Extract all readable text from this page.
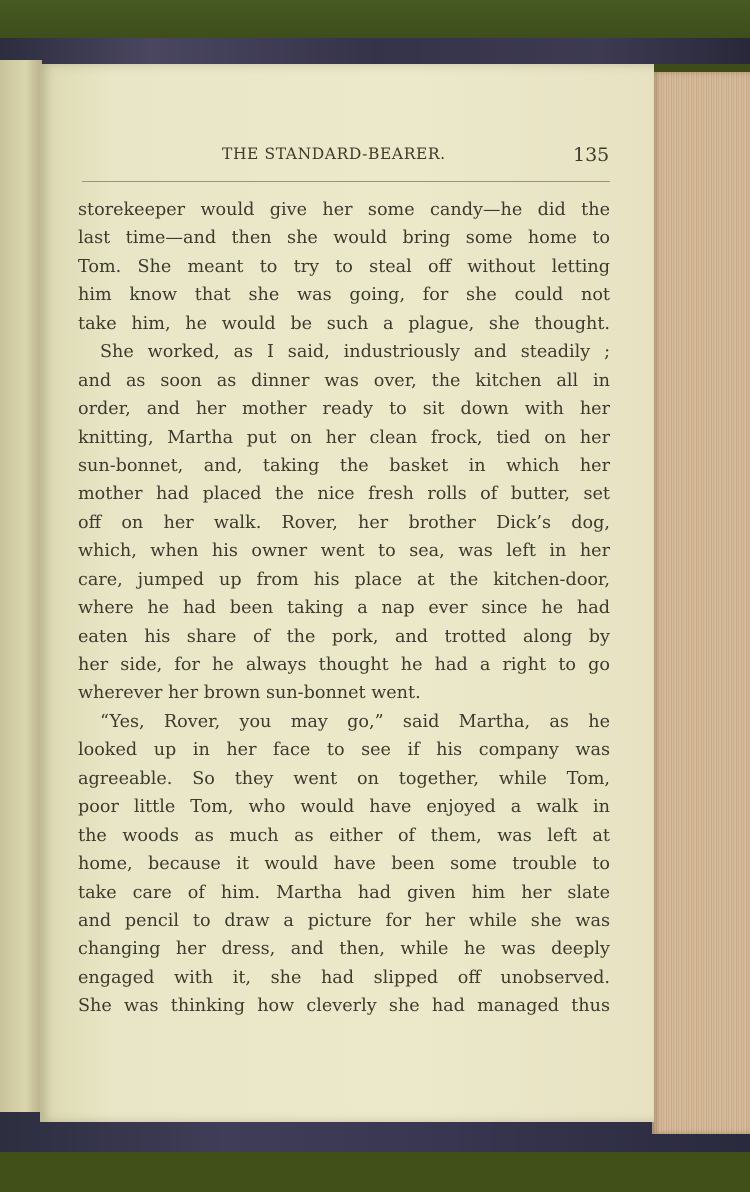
THE STANDARD-BEARER.	135
storekeeper would give her some candy—he did the
last time—and then she would bring some home to
Tom. She meant to try to steal off without letting
him know that she was going, for she could not
take him, he would be such a plague, she thought.
She worked, as I said, industriously and steadily ;
and as soon as dinner was over, the kitchen all in
order, and her mother ready to sit down with her
knitting, Martha put on her clean frock, tied on her
sun-bonnet, and, taking the basket in which her
mother had placed the nice fresh rolls of butter, set
off on her walk. Rover, her brother Dick’s dog,
which, when his owner went to sea, was left in her
care, jumped up from his place at the kitchen-door,
where he had been taking a nap ever since he had
eaten his share of the pork, and trotted along by
her side, for he always thought he had a right to go
wherever her brown sun-bonnet went.
“Yes, Rover, you may go,” said Martha, as he
looked up in her face to see if his company was
agreeable. So they went on together, while Tom,
poor little Tom, who would have enjoyed a walk in
the woods as much as either of them, was left at
home, because it would have been some trouble to
take care of him. Martha had given him her slate
and pencil to draw a picture for her while she was
changing her dress, and then, while he was deeply
engaged with it, she had slipped off unobserved.
She was thinking how cleverly she had managed thus
